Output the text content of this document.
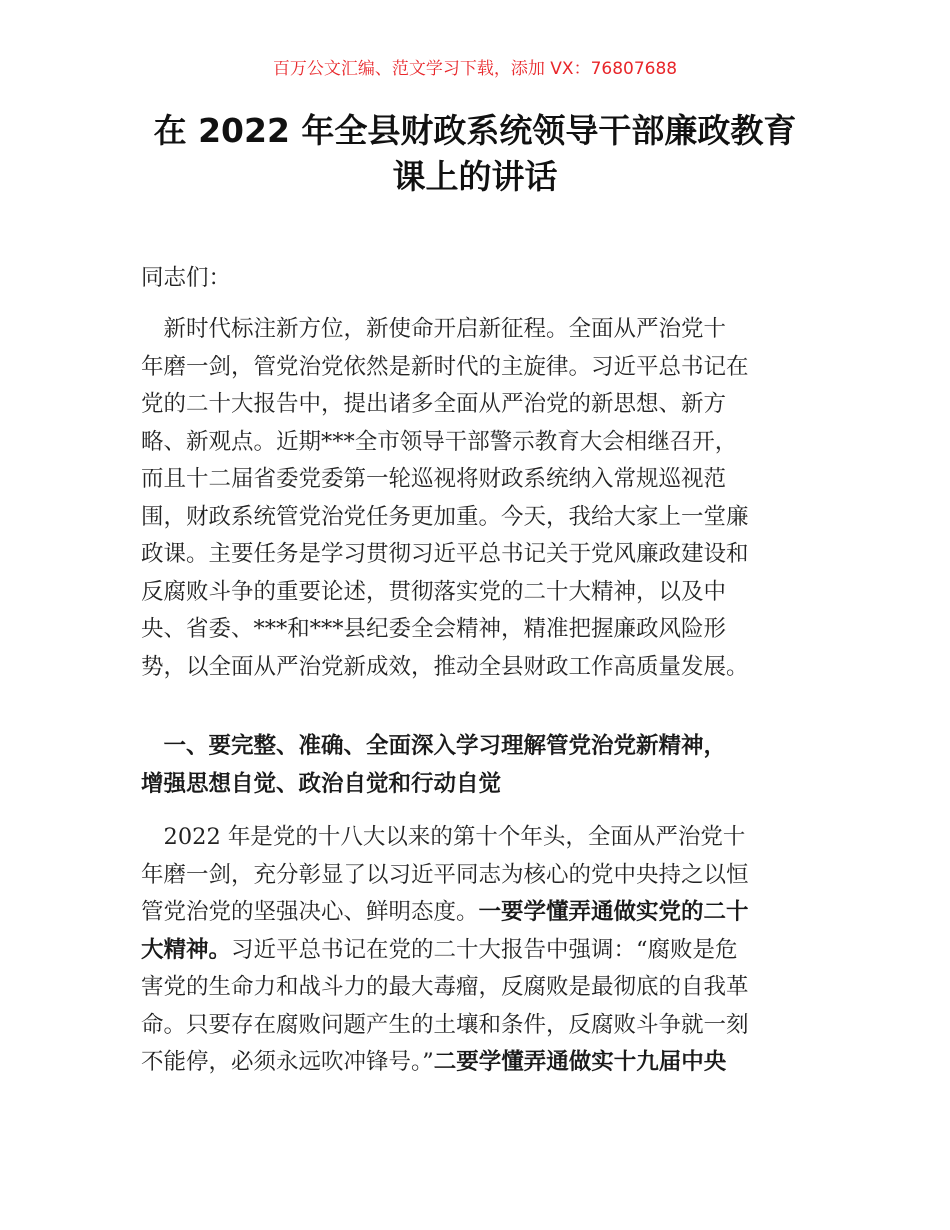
百万公文汇编、范文学习下载，添加 VX：76807688
在 2022 年全县财政系统领导干部廉政教育
课上的讲话
同志们：
　新时代标注新方位，新使命开启新征程。全面从严治党十
年磨一剑，管党治党依然是新时代的主旋律。习近平总书记在
党的二十大报告中，提出诸多全面从严治党的新思想、新方
略、新观点。近期***全市领导干部警示教育大会相继召开，
而且十二届省委党委第一轮巡视将财政系统纳入常规巡视范
围，财政系统管党治党任务更加重。今天，我给大家上一堂廉
政课。主要任务是学习贯彻习近平总书记关于党风廉政建设和
反腐败斗争的重要论述，贯彻落实党的二十大精神，以及中
央、省委、***和***县纪委全会精神，精准把握廉政风险形
势，以全面从严治党新成效，推动全县财政工作高质量发展。
　一、要完整、准确、全面深入学习理解管党治党新精神，
增强思想自觉、政治自觉和行动自觉
　2022 年是党的十八大以来的第十个年头，全面从严治党十
年磨一剑，充分彰显了以习近平同志为核心的党中央持之以恒
管党治党的坚强决心、鲜明态度。一要学懂弄通做实党的二十
大精神。习近平总书记在党的二十大报告中强调：“腐败是危
害党的生命力和战斗力的最大毒瘤，反腐败是最彻底的自我革
命。只要存在腐败问题产生的土壤和条件，反腐败斗争就一刻
不能停，必须永远吹冲锋号。”二要学懂弄通做实十九届中央
